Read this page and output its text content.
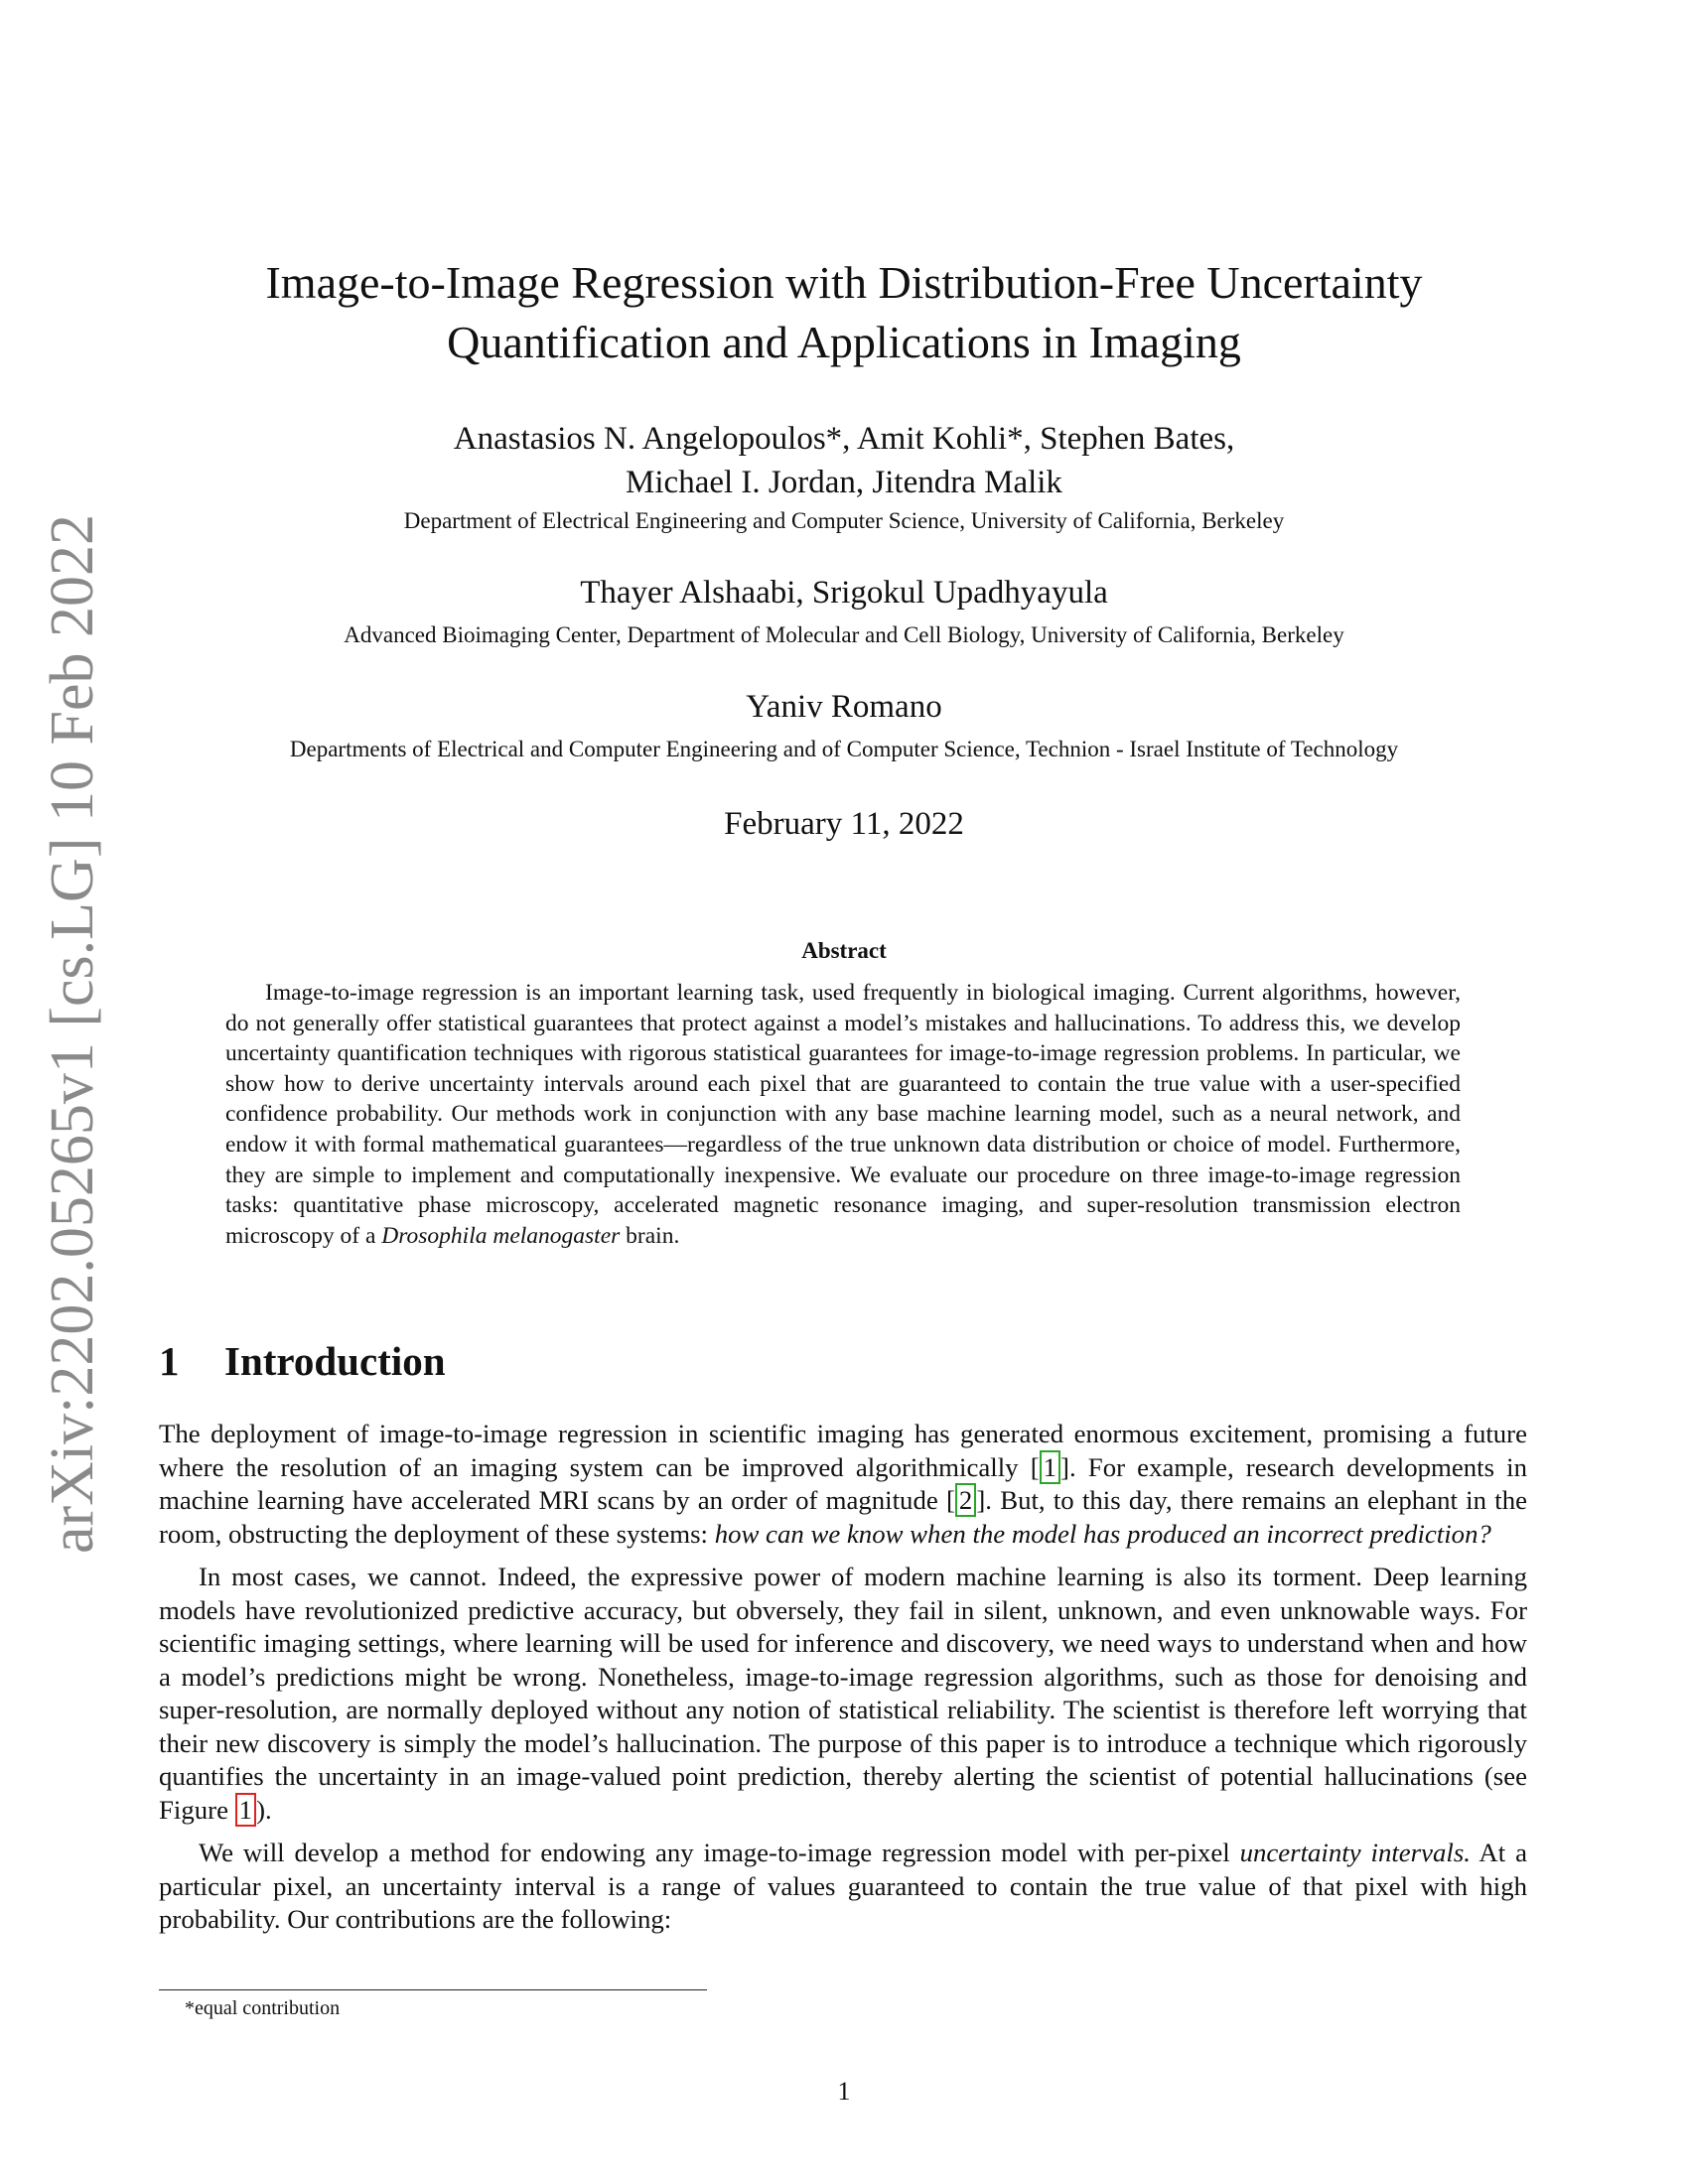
arXiv:2202.05265v1 [cs.LG] 10 Feb 2022
Image-to-Image Regression with Distribution-Free Uncertainty
Quantification and Applications in Imaging
Anastasios N. Angelopoulos*, Amit Kohli*, Stephen Bates,
Michael I. Jordan, Jitendra Malik
Department of Electrical Engineering and Computer Science, University of California, Berkeley
Thayer Alshaabi, Srigokul Upadhyayula
Advanced Bioimaging Center, Department of Molecular and Cell Biology, University of California, Berkeley
Yaniv Romano
Departments of Electrical and Computer Engineering and of Computer Science, Technion - Israel Institute of Technology
February 11, 2022
Abstract

Image-to-image regression is an important learning task, used frequently in biological imaging. Current algorithms, however, do not generally offer statistical guarantees that protect against a model’s mistakes and hallucinations. To address this, we develop uncertainty quantification techniques with rigorous statistical guarantees for image-to-image regression problems. In particular, we show how to derive uncertainty intervals around each pixel that are guaranteed to contain the true value with a user-specified confidence probability. Our methods work in conjunction with any base machine learning model, such as a neural network, and endow it with formal mathematical guarantees—regardless of the true unknown data distribution or choice of model. Furthermore, they are simple to implement and computationally inexpensive. We evaluate our procedure on three image-to-image regression tasks: quantitative phase microscopy, accelerated magnetic resonance imaging, and super-resolution transmission electron microscopy of a Drosophila melanogaster brain.

1 Introduction

The deployment of image-to-image regression in scientific imaging has generated enormous excitement, promising a future where the resolution of an imaging system can be improved algorithmically [ 1 ]. For example, research developments in machine learning have accelerated MRI scans by an order of magnitude [ 2 ]. But, to this day, there remains an elephant in the room, obstructing the deployment of these systems: how can we know when the model has produced an incorrect prediction?

In most cases, we cannot. Indeed, the expressive power of modern machine learning is also its torment. Deep learning models have revolutionized predictive accuracy, but obversely, they fail in silent, unknown, and even unknowable ways. For scientific imaging settings, where learning will be used for inference and discovery, we need ways to understand when and how a model’s predictions might be wrong. Nonetheless, image-to-image regression algorithms, such as those for denoising and super-resolution, are normally deployed without any notion of statistical reliability. The scientist is therefore left worrying that their new discovery is simply the model’s hallucination. The purpose of this paper is to introduce a technique which rigorously quantifies the uncertainty in an image-valued point prediction, thereby alerting the scientist of potential hallucinations (see Figure 1 ).

We will develop a method for endowing any image-to-image regression model with per-pixel uncertainty intervals. At a particular pixel, an uncertainty interval is a range of values guaranteed to contain the true value of that pixel with high probability. Our contributions are the following:

*equal contribution
1
